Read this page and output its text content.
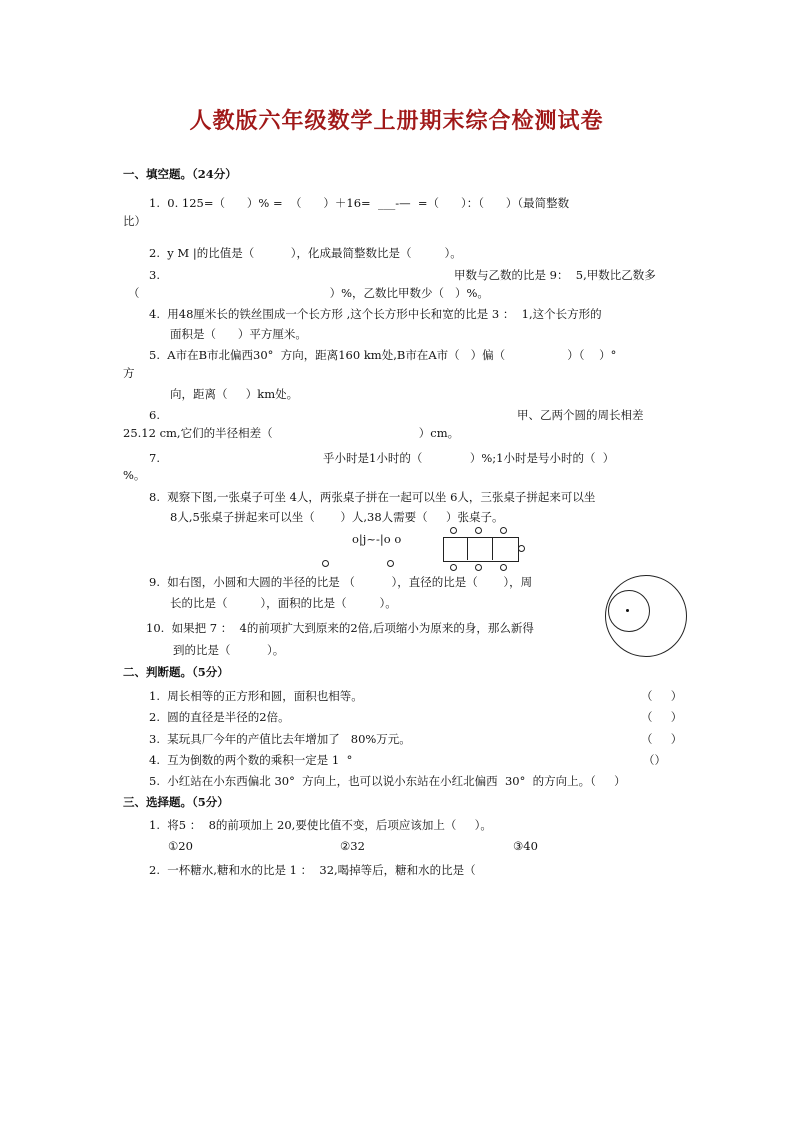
人教版六年级数学上册期末综合检测试卷
一、填空题。（24分）
1.  0. 125=（      ）% =  （      ）＋16=  ___-—  =（      ）：（      ）（最简整数
比）
2.  y M |的比值是（          ），化成最简整数比是（         ）。
3.	甲数与乙数的比是 9：  5,甲数比乙数多
（                                                    ）%，乙数比甲数少（   ）%。
4.  用48厘米长的铁丝围成一个长方形 ,这个长方形中长和宽的比是 3 ：  1,这个长方形的
面积是（      ）平方厘米。
5.  A市在B市北偏西30°  方向，距离160 km处,B市在A市（   ）偏（                 ）（    ）°
方
向，距离（     ）km处。
6.	甲、乙两个圆的周长相差
25.12 cm,它们的半径相差（                                        ）cm。
7.	乎小时是1小时的（             ）%;1小时是号小时的（  ）
%。
8.  观察下图,一张桌子可坐 4人，两张桌子拼在一起可以坐 6人，三张桌子拼起来可以坐
8人,5张桌子拼起来可以坐（       ）人,38人需要（     ）张桌子。
o|j~-|o o
9.  如右图，小圆和大圆的半径的比是 （          ），直径的比是（       ），周
长的比是（         ），面积的比是（         ）。
10.  如果把 7 ：  4的前项扩大到原来的2倍,后项缩小为原来的身，那么新得
到的比是（          ）。
二、判断题。（5分）
1.  周长相等的正方形和圆，面积也相等。	（     ）
2.  圆的直径是半径的2倍。	（     ）
3.  某玩具厂今年的产值比去年增加了   80%万元。	（     ）
4.  互为倒数的两个数的乘积一定是 1  °	（）
5.  小红站在小东西偏北 30°  方向上，也可以说小东站在小红北偏西  30°  的方向上。（     ）
三、选择题。（5分）
1.  将5 ：  8的前项加上 20,要使比值不变，后项应该加上（     ）。
①20	②32	③40
2.  一杯糖水,糖和水的比是 1 ：  32,喝掉等后，糖和水的比是（
